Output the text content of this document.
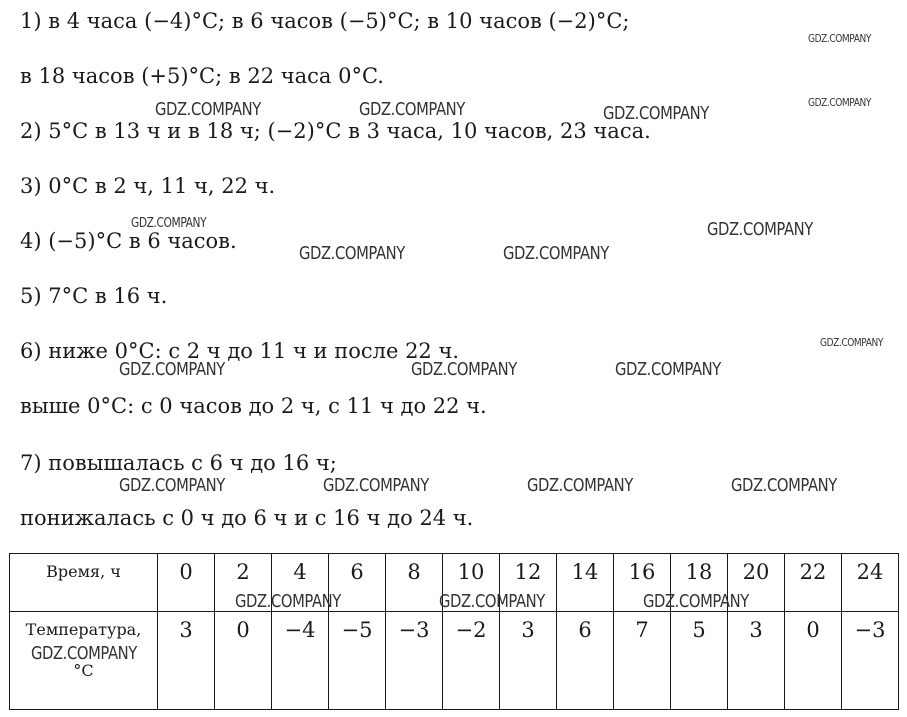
1) в 4 часа (−4)°C; в 6 часов (−5)°C; в 10 часов (−2)°C;
в 18 часов (+5)°C; в 22 часа 0°C.
2) 5°C в 13 ч и в 18 ч; (−2)°C в 3 часа, 10 часов, 23 часа.
3) 0°C в 2 ч, 11 ч, 22 ч.
4) (−5)°C в 6 часов.
5) 7°C в 16 ч.
6) ниже 0°C: с 2 ч до 11 ч и после 22 ч.
выше 0°C: с 0 часов до 2 ч, с 11 ч до 22 ч.
7) повышалась с 6 ч до 16 ч;
понижалась с 0 ч до 6 ч и с 16 ч до 24 ч.
Время, ч	0	2	4	6	8	10	12	14	16	18	20	22	24

Температура,
°C	3	0	−4	−5	−3	−2	3	6	7	5	3	0	−3
GDZ.COMPANY
GDZ.COMPANY
GDZ.COMPANY	GDZ.COMPANY	GDZ.COMPANY
GDZ.COMPANY	GDZ.COMPANY
GDZ.COMPANY	GDZ.COMPANY
GDZ.COMPANY
GDZ.COMPANY	GDZ.COMPANY	GDZ.COMPANY
GDZ.COMPANY	GDZ.COMPANY	GDZ.COMPANY	GDZ.COMPANY
GDZ.COMPANY	GDZ.COMPANY	GDZ.COMPANY
GDZ.COMPANY
